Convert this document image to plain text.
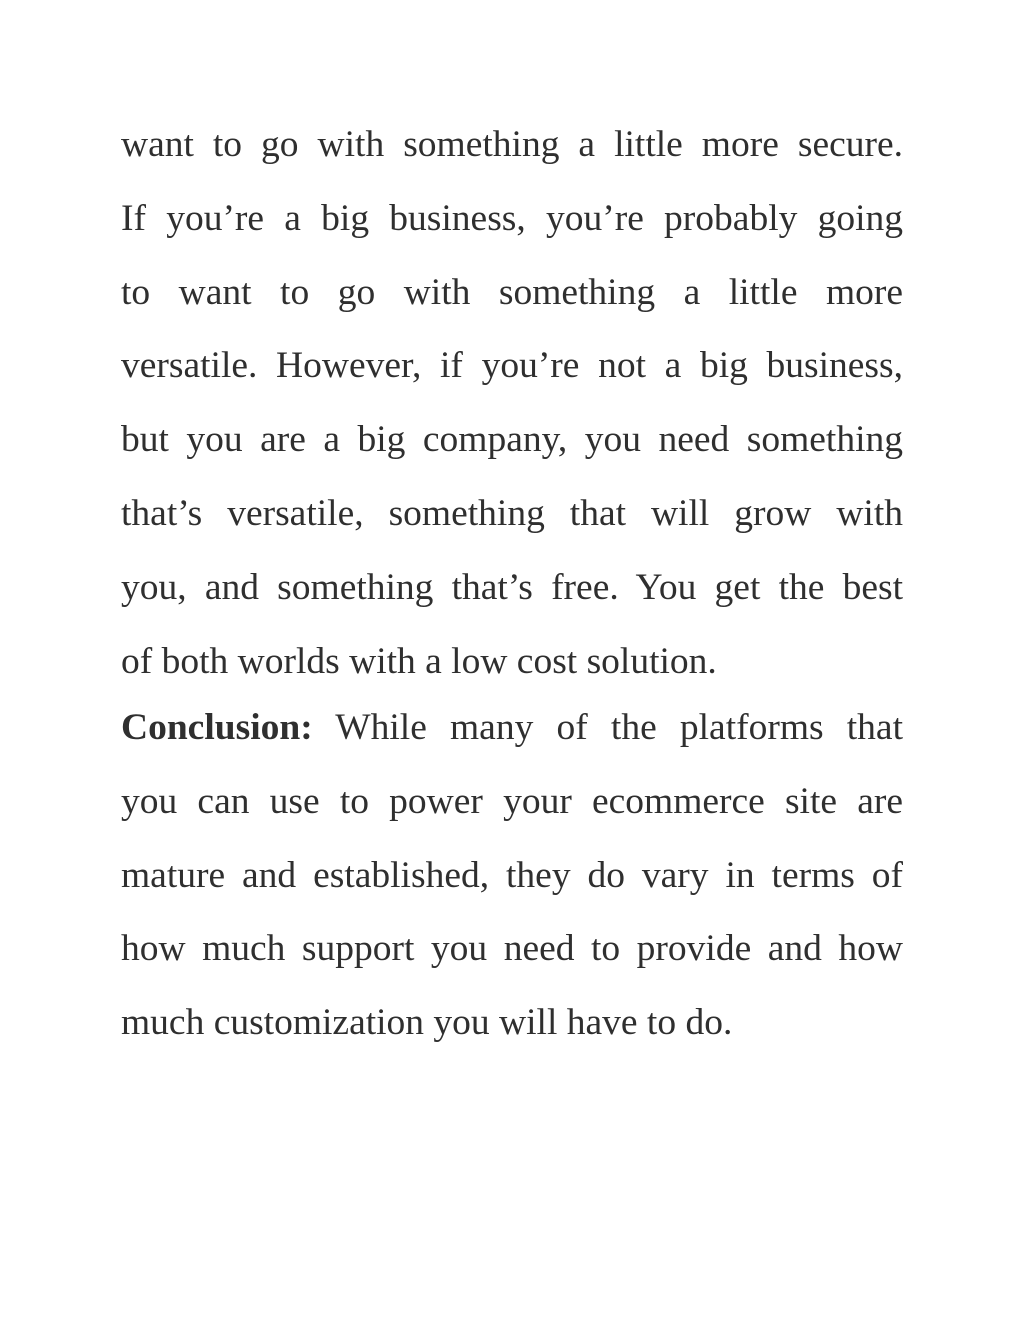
want to go with something a little more secure.
If you’re a big business, you’re probably going
to want to go with something a little more
versatile. However, if you’re not a big business,
but you are a big company, you need something
that’s versatile, something that will grow with
you, and something that’s free. You get the best
of both worlds with a low cost solution.

Conclusion: While many of the platforms that
you can use to power your ecommerce site are
mature and established, they do vary in terms of
how much support you need to provide and how
much customization you will have to do.
